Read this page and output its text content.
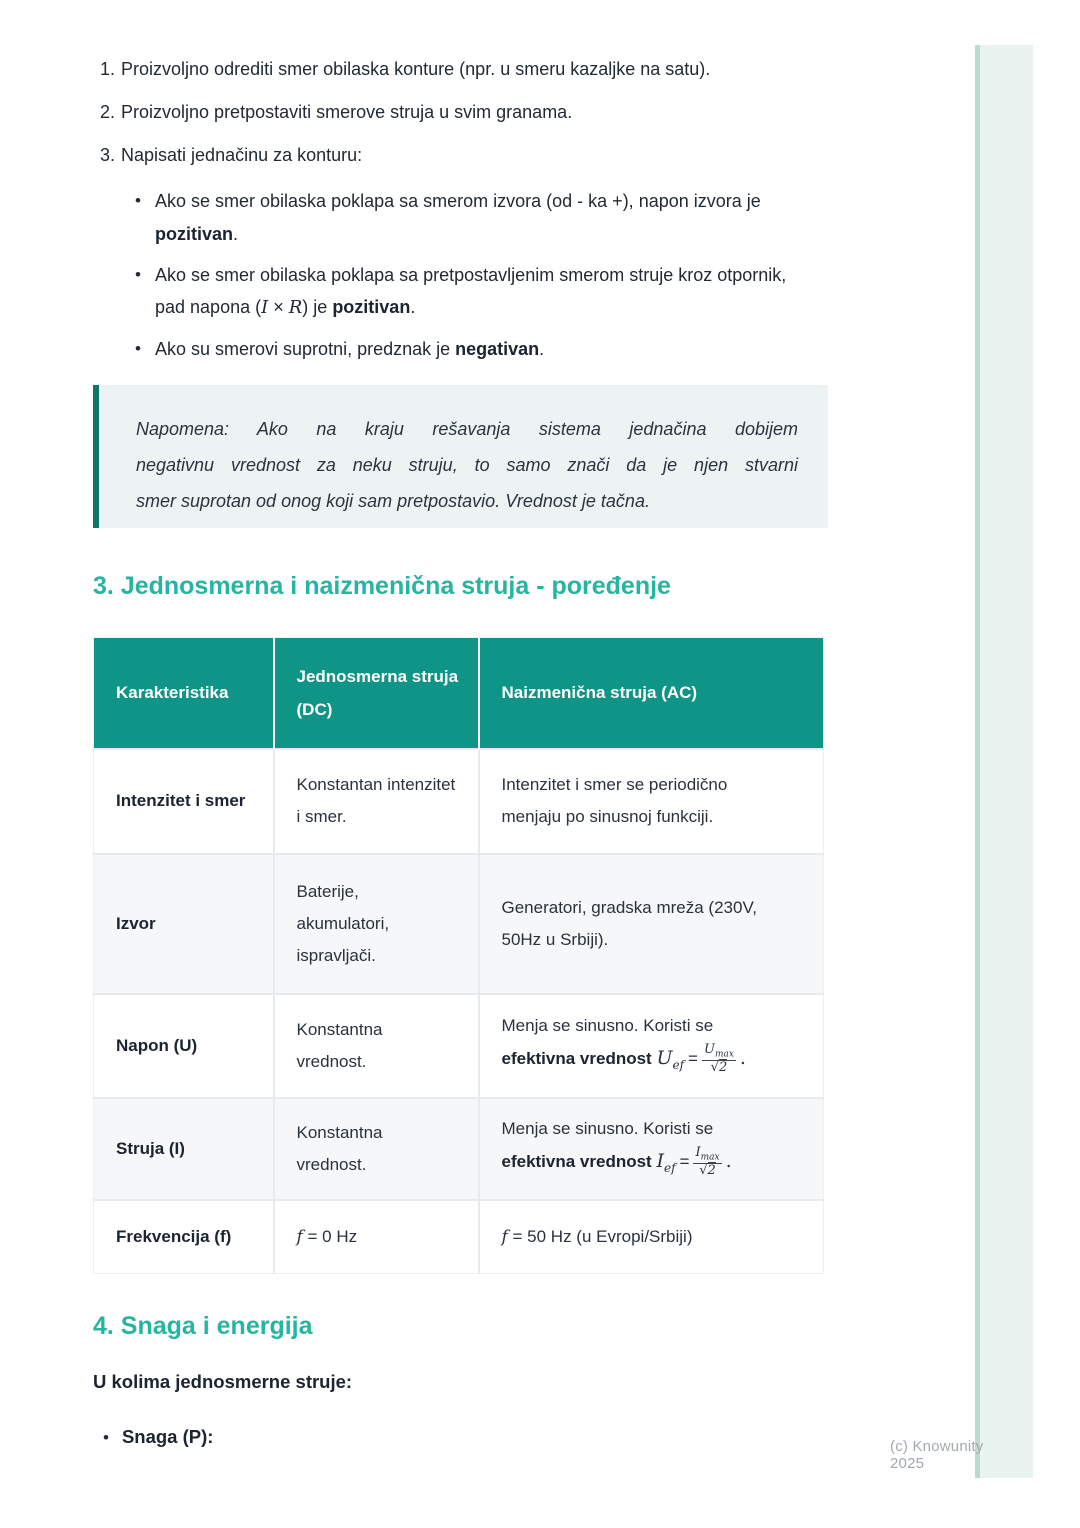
1. Proizvoljno odrediti smer obilaska konture (npr. u smeru kazaljke na satu).
2. Proizvoljno pretpostaviti smerove struja u svim granama.
3. Napisati jednačinu za konturu:
• Ako se smer obilaska poklapa sa smerom izvora (od - ka +), napon izvora je pozitivan.
• Ako se smer obilaska poklapa sa pretpostavljenim smerom struje kroz otpornik, pad napona (I × R) je pozitivan.
• Ako su smerovi suprotni, predznak je negativan.
Napomena: Ako na kraju rešavanja sistema jednačina dobijem
negativnu vrednost za neku struju, to samo znači da je njen stvarni
smer suprotan od onog koji sam pretpostavio. Vrednost je tačna.
3. Jednosmerna i naizmenična struja - poređenje
Karakteristika	Jednosmerna struja (DC)	Naizmenična struja (AC)
Intenzitet i smer	Konstantan intenzitet i smer.	Intenzitet i smer se periodično menjaju po sinusnoj funkciji.
Izvor	Baterije, akumulatori, ispravljači.	Generatori, gradska mreža (230V, 50Hz u Srbiji).
Napon (U)	Konstantna vrednost.	Menja se sinusno. Koristi se
efektivna vrednost $U_{ef} = \frac{U_{max}}{√2}$ .

Struja (I)	Konstantna vrednost.	Menja se sinusno. Koristi se
efektivna vrednost $I_{ef} = \frac{I_{max}}{√2}$ .

Frekvencija (f)	f = 0 Hz	f = 50 Hz (u Evropi/Srbiji)
4. Snaga i energija
U kolima jednosmerne struje:
• Snaga (P):	(c) Knowunity 2025
